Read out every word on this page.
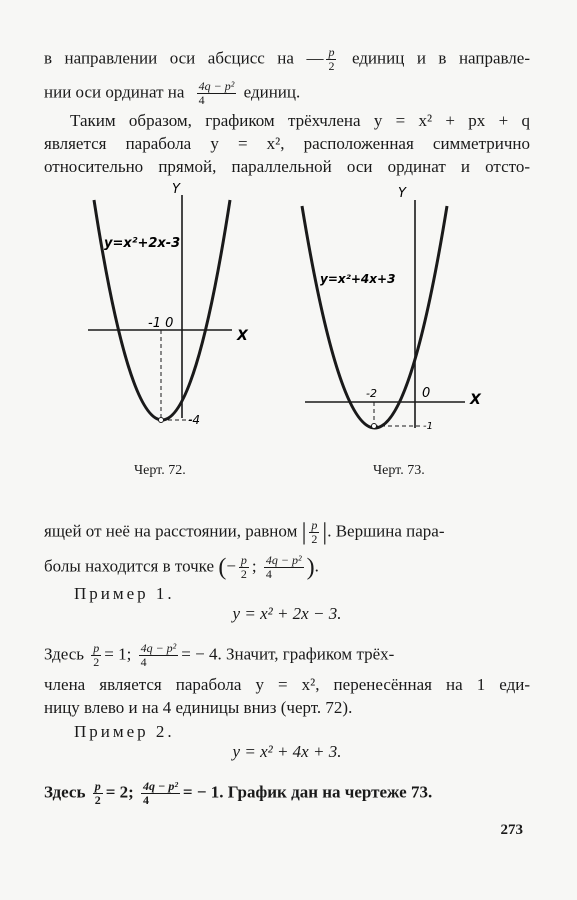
в направлении оси абсцисс на — $\frac{p}{2}$ единиц и в направле-
нии оси ординат на $\frac{\text{4q − p²}}{4}$ единиц.
Таким образом, графиком трёхчлена y = x² + px + q
является парабола y = x², расположенная симметрично
относительно прямой, параллельной оси ординат и отсто-
Y
X
-1 0
-4
y=x²+2x-3
Y
X
-2	0
-1
y=x²+4x+3
Черт. 72.	Черт. 73.
ящей от неё на расстоянии, равном | $\frac{p}{2}$ |. Вершина пара-
болы находится в точке (− $\frac{p}{2}$ ; $\frac{\text{4q − p²}}{4}$ ).
Пример 1.
y = x² + 2x − 3.
Здесь $\frac{p}{2} = 1$; $\frac{\text{4q − p²}}{4}$ = − 4. Значит, графиком трёх-
члена является парабола y = x², перенесённая на 1 еди-
ницу влево и на 4 единицы вниз (черт. 72).
Пример 2.
y = x² + 4x + 3.
Здесь $\frac{p}{2} = 2$; $\frac{\text{4q − p²}}{4}$ = − 1. График дан на чертеже 73.
273
